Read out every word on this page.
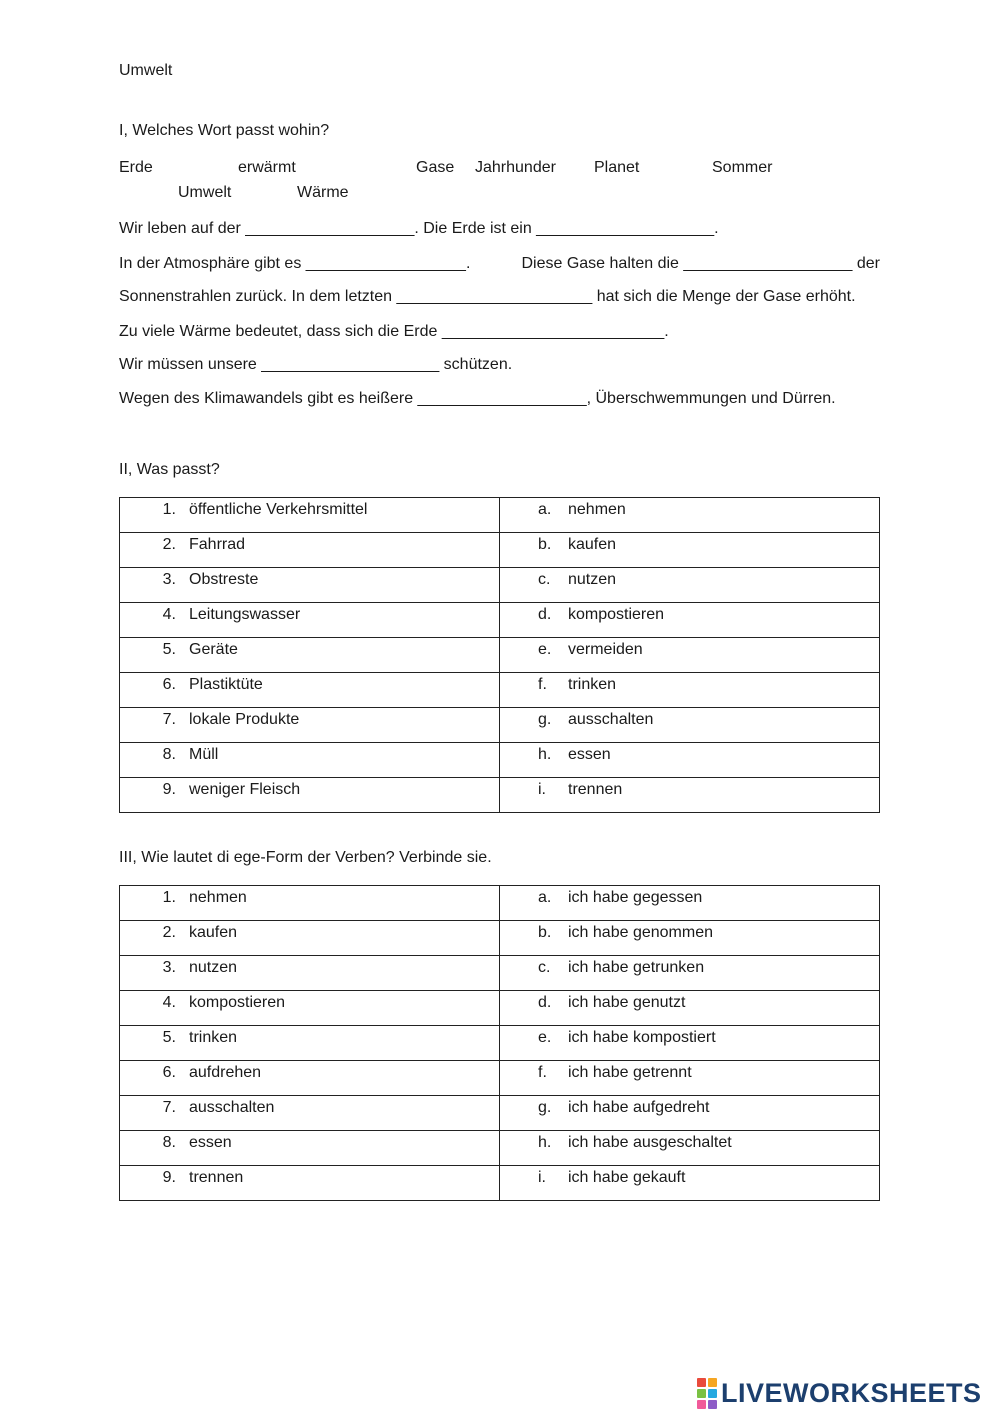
Umwelt
I, Welches Wort passt wohin?
Erde	erwärmt	Gase Jahrhunder Planet	Sommer
Umwelt	Wärme
Wir leben auf der ___________________. Die Erde ist ein ____________________.
In der Atmosphäre gibt es __________________.	Diese Gase halten die ___________________ der
Sonnenstrahlen zurück. In dem letzten ______________________ hat sich die Menge der Gase erhöht.
Zu viele Wärme bedeutet, dass sich die Erde _________________________.
Wir müssen unsere ____________________ schützen.
Wegen des Klimawandels gibt es heißere ___________________, Überschwemmungen und Dürren.
II, Was passt?
1. öffentliche Verkehrsmittel	a. nehmen

2. Fahrrad	b. kaufen

3. Obstreste	c. nutzen

4. Leitungswasser	d. kompostieren

5. Geräte	e. vermeiden

6. Plastiktüte	f. trinken

7. lokale Produkte	g. ausschalten

8. Müll	h. essen

9. weniger Fleisch	i. trennen
III, Wie lautet di ege-Form der Verben? Verbinde sie.
1. nehmen	a. ich habe gegessen

2. kaufen	b. ich habe genommen

3. nutzen	c. ich habe getrunken

4. kompostieren	d. ich habe genutzt

5. trinken	e. ich habe kompostiert

6. aufdrehen	f. ich habe getrennt

7. ausschalten	g. ich habe aufgedreht

8. essen	h. ich habe ausgeschaltet

9. trennen	i. ich habe gekauft
LIVEWORKSHEETS
